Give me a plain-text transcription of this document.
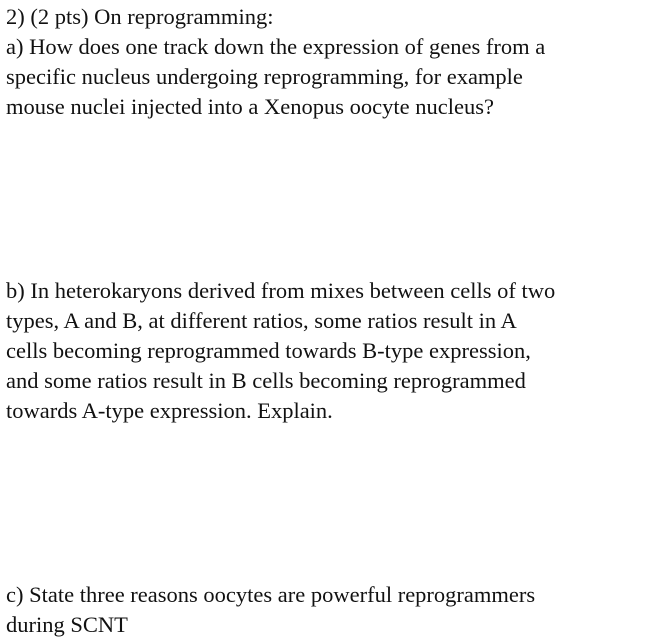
2) (2 pts) On reprogramming:
a) How does one track down the expression of genes from a
specific nucleus undergoing reprogramming, for example
mouse nuclei injected into a Xenopus oocyte nucleus?
b) In heterokaryons derived from mixes between cells of two
types, A and B, at different ratios, some ratios result in A
cells becoming reprogrammed towards B-type expression,
and some ratios result in B cells becoming reprogrammed
towards A-type expression. Explain.
c) State three reasons oocytes are powerful reprogrammers
during SCNT
